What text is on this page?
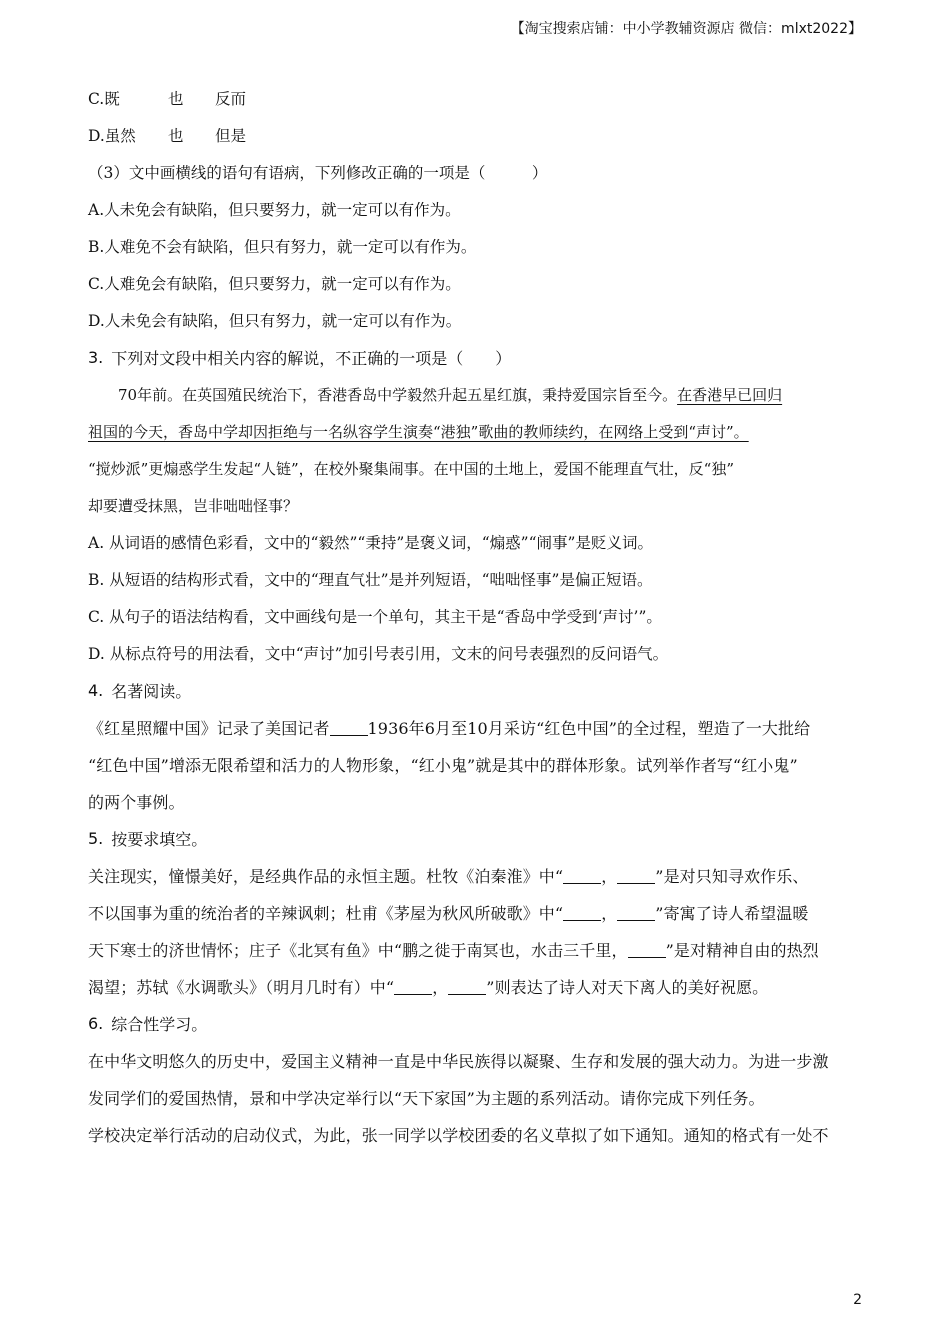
【淘宝搜索店铺：中小学教辅资源店 微信：mlxt2022】
C.既	也	反而
D.虽然	也	但是
（3）文中画横线的语句有语病，下列修改正确的一项是（　　　）
A.人未免会有缺陷，但只要努力，就一定可以有作为。
B.人难免不会有缺陷，但只有努力，就一定可以有作为。
C.人难免会有缺陷，但只要努力，就一定可以有作为。
D.人未免会有缺陷，但只有努力，就一定可以有作为。
3. 下列对文段中相关内容的解说，不正确的一项是（　　）
70年前。在英国殖民统治下，香港香岛中学毅然升起五星红旗，秉持爱国宗旨至今。 在香港早已回归
祖国的今天，香岛中学却因拒绝与一名纵容学生演奏“港独”歌曲的教师续约，在网络上受到“声讨”。
“搅炒派”更煽惑学生发起“人链”，在校外聚集闹事。在中国的土地上，爱国不能理直气壮，反“独”
却要遭受抹黑，岂非咄咄怪事？
A. 从词语的感情色彩看，文中的“毅然”“秉持”是褒义词，“煽惑”“闹事”是贬义词。
B. 从短语的结构形式看，文中的“理直气壮”是并列短语，“咄咄怪事”是偏正短语。
C. 从句子的语法结构看，文中画线句是一个单句，其主干是“香岛中学受到‘声讨’”。
D. 从标点符号的用法看，文中“声讨”加引号表引用，文末的问号表强烈的反问语气。
4. 名著阅读。
《红星照耀中国》记录了美国记者 1936年6月至10月采访“红色中国”的全过程，塑造了一大批给
“红色中国”增添无限希望和活力的人物形象，“红小鬼”就是其中的群体形象。试列举作者写“红小鬼”
的两个事例。
5. 按要求填空。
关注现实，憧憬美好，是经典作品的永恒主题。杜牧《泊秦淮》中“ ， ”是对只知寻欢作乐、
不以国事为重的统治者的辛辣讽刺；杜甫《茅屋为秋风所破歌》中“ ， ”寄寓了诗人希望温暖
天下寒士的济世情怀；庄子《北冥有鱼》中“鹏之徙于南冥也，水击三千里， ”是对精神自由的热烈
渴望；苏轼《水调歌头》（明月几时有）中“ ， ”则表达了诗人对天下离人的美好祝愿。
6. 综合性学习。
在中华文明悠久的历史中，爱国主义精神一直是中华民族得以凝聚、生存和发展的强大动力。为进一步激
发同学们的爱国热情，景和中学决定举行以“天下家国”为主题的系列活动。请你完成下列任务。
学校决定举行活动的启动仪式，为此，张一同学以学校团委的名义草拟了如下通知。通知的格式有一处不
2
